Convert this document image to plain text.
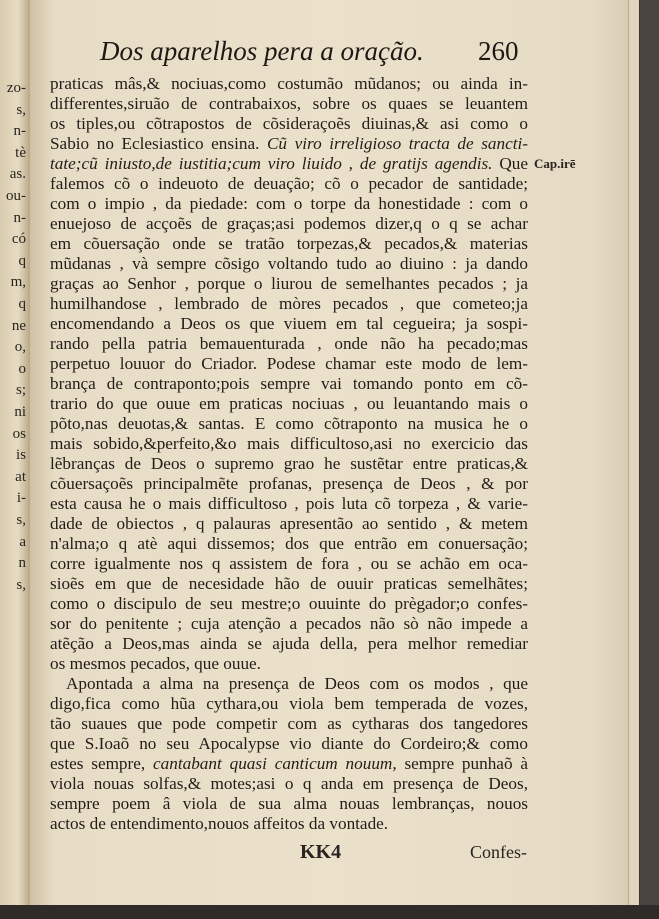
zo-
s,
n-
tè
as.
ou-
n-
có
q
m,
q
ne
o,
o
s;
ni
os
is
at
i-
s,
a
n
s,
Dos aparelhos pera a oração. 260
Cap.irē
praticas mâs,& nociuas,como costumão mũdanos; ou ainda in-
differentes,siruão de contrabaixos, sobre os quaes se leuantem
os tiples,ou cõtrapostos de cõsideraçoẽs diuinas,& asi como o
Sabio no Eclesiastico ensina. Cũ viro irreligioso tracta de sancti-
tate;cũ iniusto,de iustitia;cum viro liuido , de gratijs agendis. Que
falemos cõ o indeuoto de deuação; cõ o pecador de santidade;
com o impio , da piedade: com o torpe da honestidade : com o
enuejoso de acçoẽs de graças;asi podemos dizer,q o q se achar
em cõuersação onde se tratão torpezas,& pecados,& materias
mũdanas , và sempre cõsigo voltando tudo ao diuino : ja dando
graças ao Senhor , porque o liurou de semelhantes pecados ; ja
humilhandose , lembrado de mòres pecados , que cometeo;ja
encomendando a Deos os que viuem em tal cegueira; ja sospi-
rando pella patria bemauenturada , onde não ha pecado;mas
perpetuo louuor do Criador. Podese chamar este modo de lem-
brança de contraponto;pois sempre vai tomando ponto em cõ-
trario do que ouue em praticas nociuas , ou leuantando mais o
põto,nas deuotas,& santas. E como cõtraponto na musica he o
mais sobido,&perfeito,&o mais difficultoso,asi no exercicio das
lẽbranças de Deos o supremo grao he sustẽtar entre praticas,&
cõuersaçoẽs principalmẽte profanas, presença de Deos , & por
esta causa he o mais difficultoso , pois luta cõ torpeza , & varie-
dade de obiectos , q palauras apresentão ao sentido , & metem
n'alma;o q atè aqui dissemos; dos que entrão em conuersação;
corre igualmente nos q assistem de fora , ou se achão em oca-
sioẽs em que de necesidade hão de ouuir praticas semelhãtes;
como o discipulo de seu mestre;o ouuinte do prègador;o confes-
sor do penitente ; cuja atenção a pecados não sò não impede a
atẽção a Deos,mas ainda se ajuda della, pera melhor remediar
os mesmos pecados, que ouue.
Apontada a alma na presença de Deos com os modos , que
digo,fica como hũa cythara,ou viola bem temperada de vozes,
tão suaues que pode competir com as cytharas dos tangedores
que S.Ioaõ no seu Apocalypse vio diante do Cordeiro;& como
estes sempre, cantabant quasi canticum nouum, sempre punhaõ à
viola nouas solfas,& motes;asi o q anda em presença de Deos,
sempre poem â viola de sua alma nouas lembranças, nouos
actos de entendimento,nouos affeitos da vontade.
KK4	Confes-
